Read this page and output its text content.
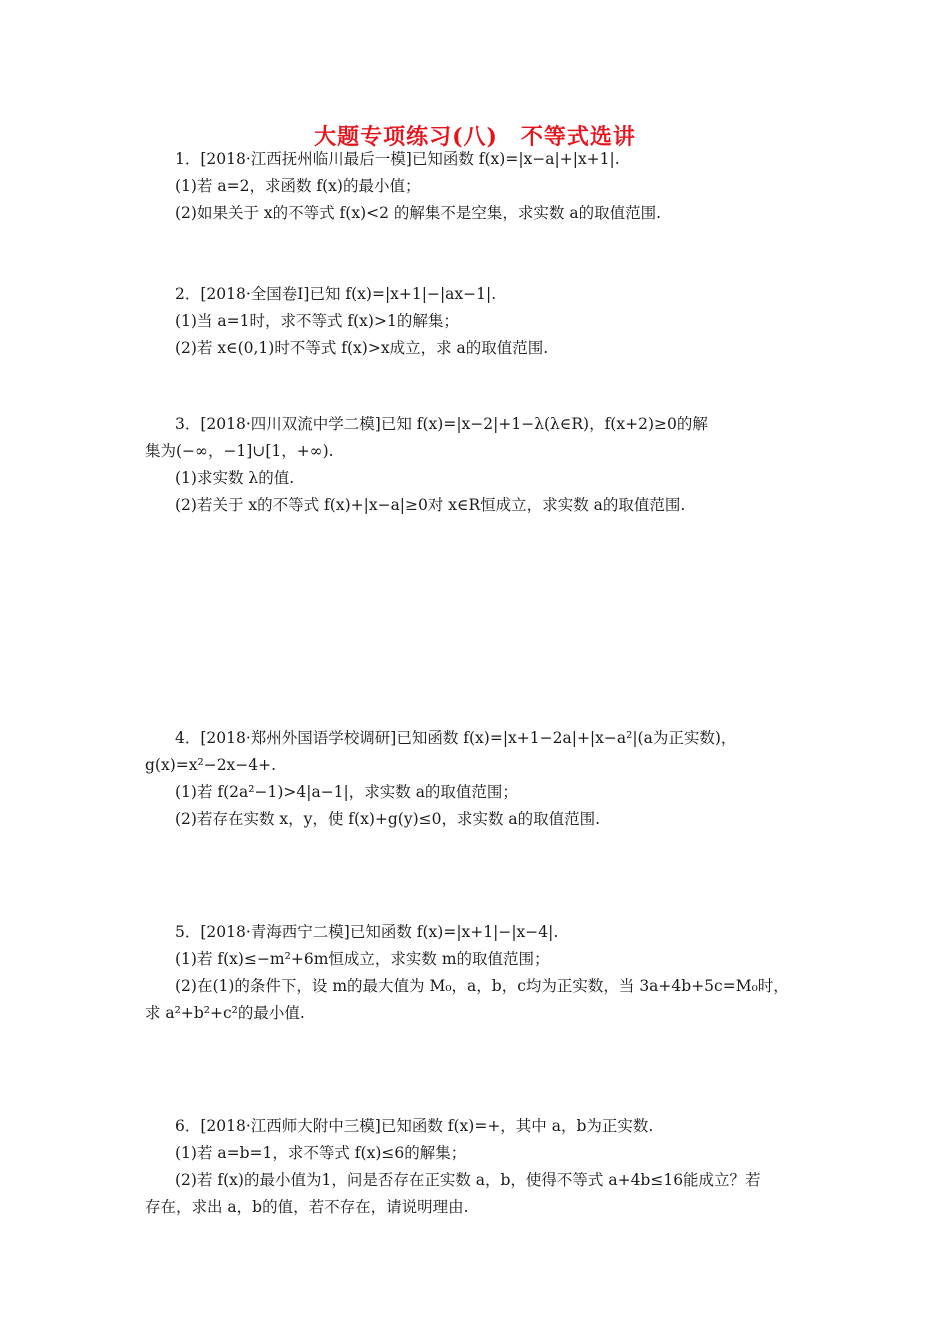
大题专项练习(八)　不等式选讲
1．[2018·江西抚州临川最后一模]已知函数 f(x)=|x−a|+|x+1|.
(1)若 a=2，求函数 f(x)的最小值；
(2)如果关于 x的不等式 f(x)<2 的解集不是空集，求实数 a的取值范围.
2．[2018·全国卷Ⅰ]已知 f(x)=|x+1|−|ax−1|.
(1)当 a=1时，求不等式 f(x)>1的解集；
(2)若 x∈(0,1)时不等式 f(x)>x成立，求 a的取值范围.
3．[2018·四川双流中学二模]已知 f(x)=|x−2|+1−λ(λ∈R)，f(x+2)≥0的解
集为(−∞，−1]∪[1，+∞).
(1)求实数 λ的值.
(2)若关于 x的不等式 f(x)+|x−a|≥0对 x∈R恒成立，求实数 a的取值范围.
4．[2018·郑州外国语学校调研]已知函数 f(x)=|x+1−2a|+|x−a²|(a为正实数)，
g(x)=x²−2x−4+.
(1)若 f(2a²−1)>4|a−1|，求实数 a的取值范围；
(2)若存在实数 x，y，使 f(x)+g(y)≤0，求实数 a的取值范围.
5．[2018·青海西宁二模]已知函数 f(x)=|x+1|−|x−4|.
(1)若 f(x)≤−m²+6m恒成立，求实数 m的取值范围；
(2)在(1)的条件下，设 m的最大值为 M₀，a，b，c均为正实数，当 3a+4b+5c=M₀时，
求 a²+b²+c²的最小值.
6．[2018·江西师大附中三模]已知函数 f(x)=+，其中 a，b为正实数.
(1)若 a=b=1，求不等式 f(x)≤6的解集；
(2)若 f(x)的最小值为1，问是否存在正实数 a，b，使得不等式 a+4b≤16能成立？若
存在，求出 a，b的值，若不存在，请说明理由.
